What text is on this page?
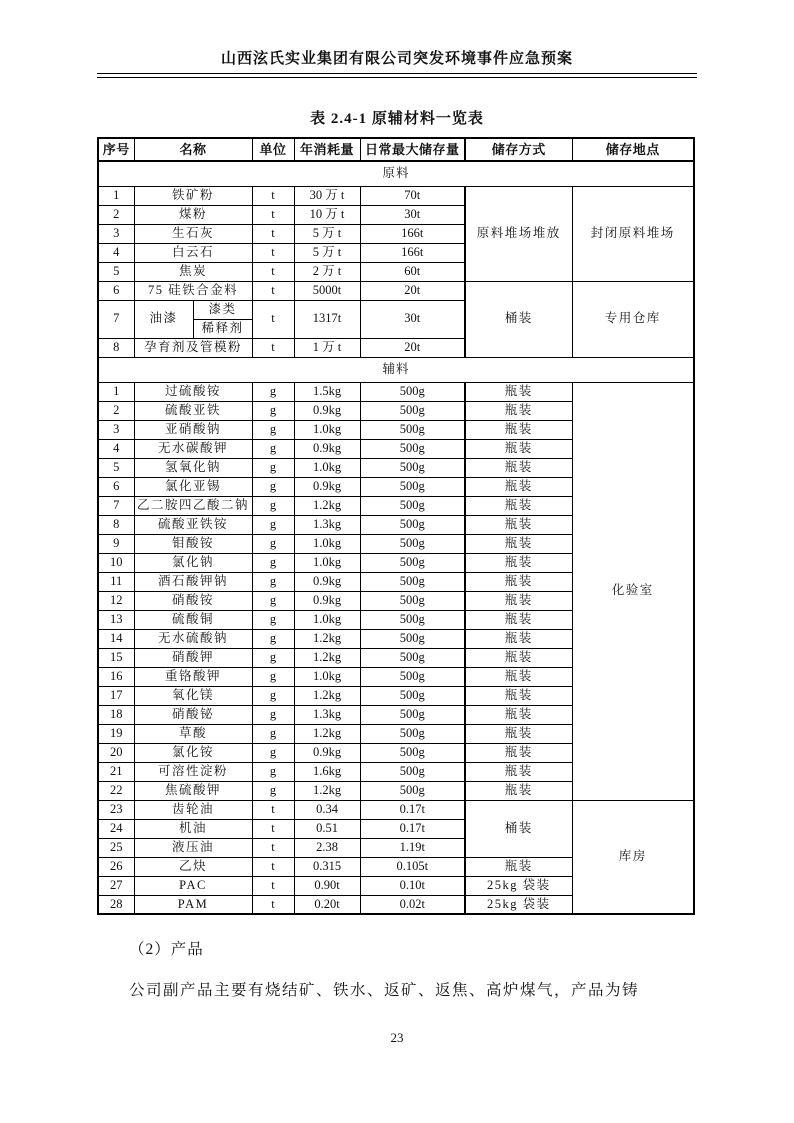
山西泫氏实业集团有限公司突发环境事件应急预案
表 2.4-1 原辅材料一览表
序号	名称		单位	年消耗量	日常最大储存量	储存方式	储存地点
原料							
1	铁矿粉		t	30 万 t	70t	原料堆场堆放	封闭原料堆场
2	煤粉		t	10 万 t	30t		
3	生石灰		t	5 万 t	166t		
4	白云石		t	5 万 t	166t		
5	焦炭		t	2 万 t	60t		
6	75 硅铁合金料		t	5000t	20t	桶装	专用仓库
7	油漆	漆类	t	1317t	30t		
		稀释剂					
8	孕育剂及管模粉		t	1 万 t	20t		
辅料							
1	过硫酸铵		g	1.5kg	500g	瓶装	化验室
2	硫酸亚铁		g	0.9kg	500g	瓶装	
3	亚硝酸钠		g	1.0kg	500g	瓶装	
4	无水碳酸钾		g	0.9kg	500g	瓶装	
5	氢氧化钠		g	1.0kg	500g	瓶装	
6	氯化亚锡		g	0.9kg	500g	瓶装	
7	乙二胺四乙酸二钠		g	1.2kg	500g	瓶装	
8	硫酸亚铁铵		g	1.3kg	500g	瓶装	
9	钼酸铵		g	1.0kg	500g	瓶装	
10	氯化钠		g	1.0kg	500g	瓶装	
11	酒石酸钾钠		g	0.9kg	500g	瓶装	
12	硝酸铵		g	0.9kg	500g	瓶装	
13	硫酸铜		g	1.0kg	500g	瓶装	
14	无水硫酸钠		g	1.2kg	500g	瓶装	
15	硝酸钾		g	1.2kg	500g	瓶装	
16	重铬酸钾		g	1.0kg	500g	瓶装	
17	氧化镁		g	1.2kg	500g	瓶装	
18	硝酸铋		g	1.3kg	500g	瓶装	
19	草酸		g	1.2kg	500g	瓶装	
20	氯化铵		g	0.9kg	500g	瓶装	
21	可溶性淀粉		g	1.6kg	500g	瓶装	
22	焦硫酸钾		g	1.2kg	500g	瓶装	
23	齿轮油		t	0.34	0.17t	桶装	库房
24	机油		t	0.51	0.17t		
25	液压油		t	2.38	1.19t		
26	乙炔		t	0.315	0.105t	瓶装	
27	PAC		t	0.90t	0.10t	25kg 袋装	
28	PAM		t	0.20t	0.02t	25kg 袋装	
（2）产品
公司副产品主要有烧结矿、铁水、返矿、返焦、高炉煤气，产品为铸
23
